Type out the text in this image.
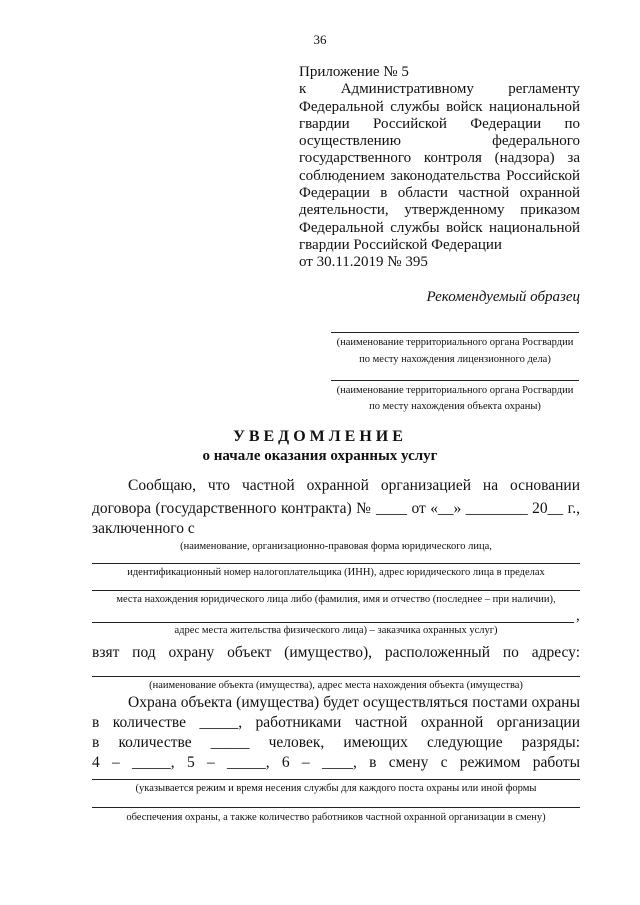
36
Приложение № 5
к Административному регламенту
Федеральной службы войск национальной
гвардии Российской Федерации по
осуществлению федерального
государственного контроля (надзора) за
соблюдением законодательства Российской
Федерации в области частной охранной
деятельности, утвержденному приказом
Федеральной службы войск национальной
гвардии Российской Федерации
от 30.11.2019 № 395
Рекомендуемый образец
(наименование территориального органа Росгвардии
по месту нахождения лицензионного дела)
(наименование территориального органа Росгвардии
по месту нахождения объекта охраны)
УВЕДОМЛЕНИЕ
о начале оказания охранных услуг
Сообщаю, что частной охранной организацией на основании
договора (государственного контракта) № ____ от «__» ________ 20__ г.,
заключенного с
(наименование, организационно-правовая форма юридического лица,
идентификационный номер налогоплательщика (ИНН), адрес юридического лица в пределах
места нахождения юридического лица либо (фамилия, имя и отчество (последнее – при наличии),
,
адрес места жительства физического лица) – заказчика охранных услуг)
взят под охрану объект (имущество), расположенный по адресу:
(наименование объекта (имущества), адрес места нахождения объекта (имущества)
Охрана объекта (имущества) будет осуществляться постами охраны
в количестве _____, работниками частной охранной организации
в количестве _____ человек, имеющих следующие разряды:
4 – _____, 5 – _____, 6 – ____, в смену с режимом работы
(указывается режим и время несения службы для каждого поста охраны или иной формы
обеспечения охраны, а также количество работников частной охранной организации в смену)
